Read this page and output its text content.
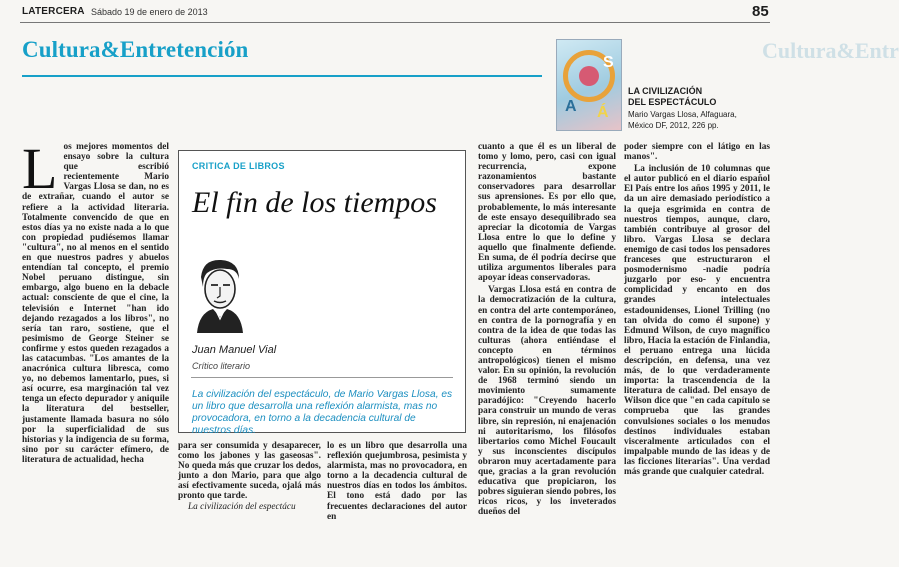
LATERCERA Sábado 19 de enero de 2013	85
Cultura&Entretención	Cultura&Entr
S
A Á
LA CIVILIZACIÓN
DEL ESPECTÁCULO
Mario Vargas Llosa, Alfaguara,
México DF, 2012, 226 pp.
L os mejores momentos del ensayo sobre la cultura que escribió recientemente Mario Vargas Llosa se dan, no es de extrañar, cuando el autor se refiere a la actividad literaria. Totalmente convencido de que en estos días ya no existe nada a lo que con propiedad pudiésemos llamar "cultura", no al menos en el sentido en que nuestros padres y abuelos entendían tal concepto, el premio Nobel peruano distingue, sin embargo, algo bueno en la debacle actual: consciente de que el cine, la televisión e Internet "han ido dejando rezagados a los libros", no sería tan raro, sostiene, que el pesimismo de George Steiner se confirme y estos queden rezagados a las catacumbas. "Los amantes de la anacrónica cultura libresca, como yo, no debemos lamentarlo, pues, si así ocurre, esa marginación tal vez tenga un efecto depurador y aniquile la literatura del bestseller, justamente llamada basura no sólo por la superficialidad de sus historias y la indigencia de su forma, sino por su carácter efímero, de literatura de actualidad, hecha
CRITICA DE LIBROS
El fin de los tiempos
Juan Manuel Vial
Crítico literario
La civilización del espectáculo, de Mario Vargas Llosa, es un libro que desarrolla una reflexión alarmista, mas no provocadora, en torno a la decadencia cultural de nuestros días.

para ser consumida y desaparecer, como los jabones y las gaseosas". No queda más que cruzar los dedos, junto a don Mario, para que algo así efectivamente suceda, ojalá más pronto que tarde.

La civilización del espectácu

lo es un libro que desarrolla una reflexión quejumbrosa, pesimista y alarmista, mas no provocadora, en torno a la decadencia cultural de nuestros días en todos los ámbitos. El tono está dado por las frecuentes declaraciones del autor en

cuanto a que él es un liberal de tomo y lomo, pero, casi con igual recurrencia, expone razonamientos bastante conservadores para desarrollar sus aprensiones. Es por ello que, probablemente, lo más interesante de este ensayo desequilibrado sea apreciar la dicotomía de Vargas Llosa entre lo que lo define y aquello que finalmente defiende. En suma, de él podría decirse que utiliza argumentos liberales para apoyar ideas conservadoras.

Vargas Llosa está en contra de la democratización de la cultura, en contra del arte contemporáneo, en contra de la pornografía y en contra de la idea de que todas las culturas (ahora entiéndase el concepto en términos antropológicos) tienen el mismo valor. En su opinión, la revolución de 1968 terminó siendo un movimiento sumamente paradójico: "Creyendo hacerlo para construir un mundo de veras libre, sin represión, ni enajenación ni autoritarismo, los filósofos libertarios como Michel Foucault y sus inconscientes discípulos obraron muy acertadamente para que, gracias a la gran revolución educativa que propiciaron, los pobres siguieran siendo pobres, los ricos ricos, y los inveterados dueños del

poder siempre con el látigo en las manos".

La inclusión de 10 columnas que el autor publicó en el diario español El País entre los años 1995 y 2011, le da un aire demasiado periodístico a la queja esgrimida en contra de nuestros tiempos, aunque, claro, también contribuye al grosor del libro. Vargas Llosa se declara enemigo de casi todos los pensadores franceses que estructuraron el posmodernismo -nadie podría juzgarlo por eso- y encuentra complicidad y encanto en dos grandes intelectuales estadounidenses, Lionel Trilling (no tan olvida do como él supone) y Edmund Wilson, de cuyo magnífico libro, Hacia la estación de Finlandia, el peruano entrega una lúcida descripción, en defensa, una vez más, de lo que verdaderamente importa: la trascendencia de la literatura de calidad. Del ensayo de Wilson dice que "en cada capítulo se comprueba que las grandes convulsiones sociales o los menudos destinos individuales estaban visceralmente articulados con el impalpable mundo de las ideas y de las ficciones literarias". Una verdad más grande que cualquier catedral.
